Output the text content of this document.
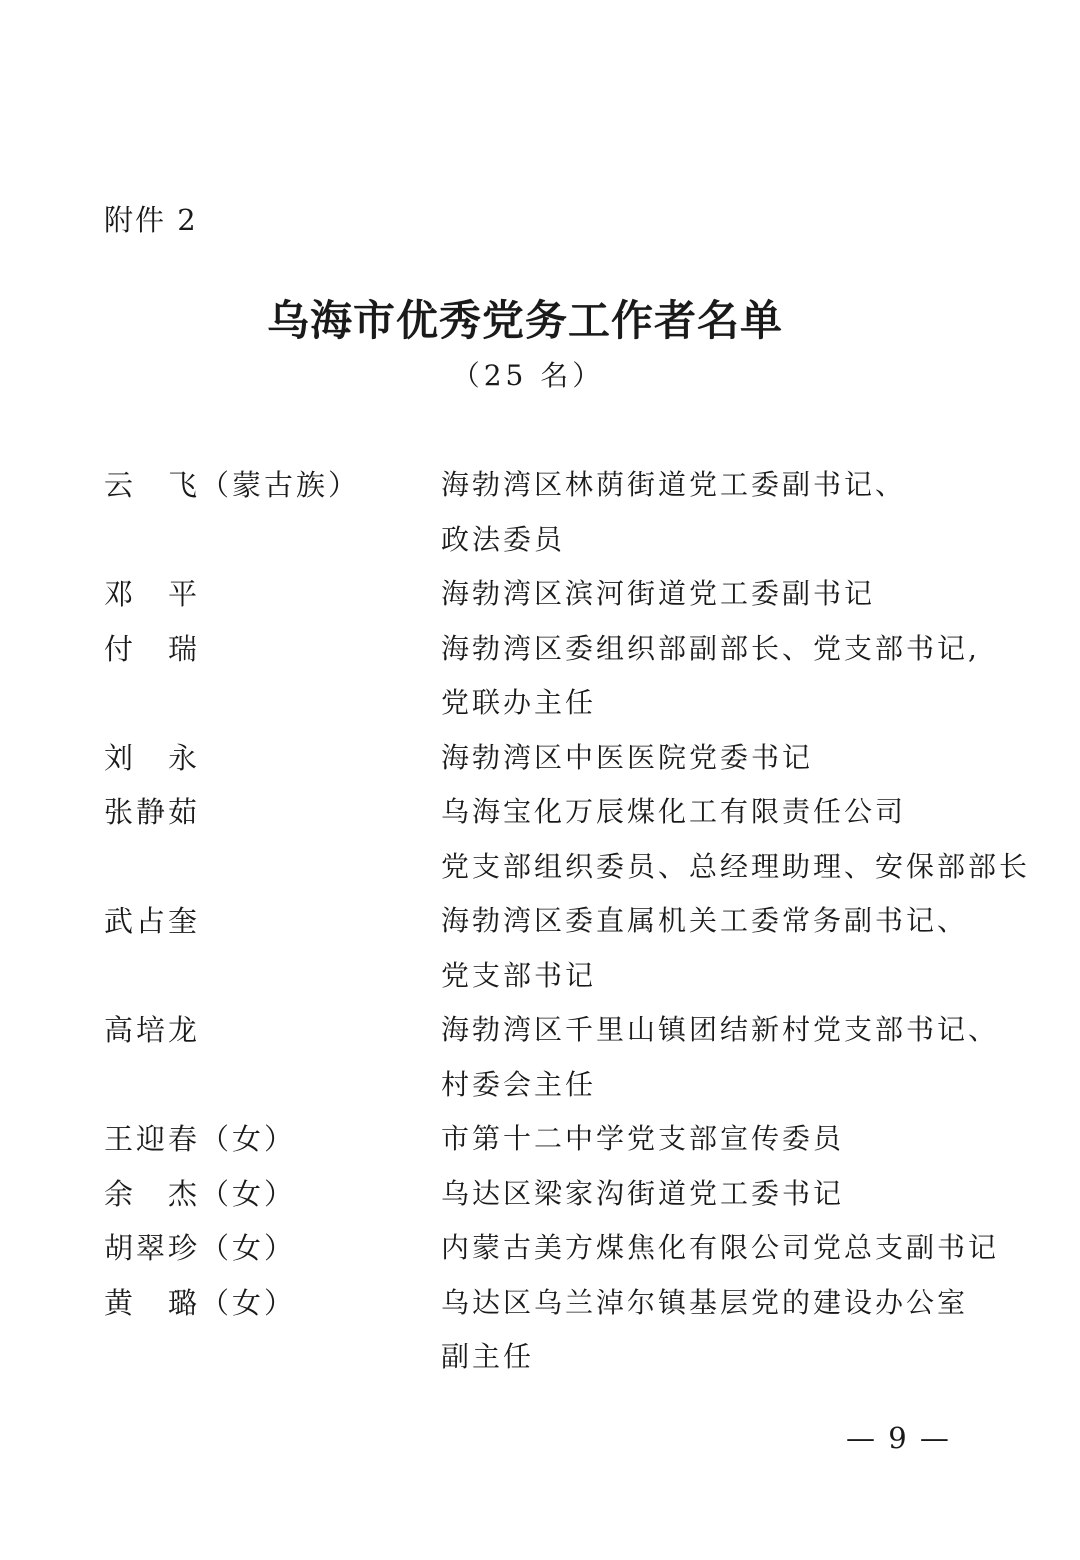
附件 2
乌海市优秀党务工作者名单
（25 名）
云　飞（蒙古族）	海勃湾区林荫街道党工委副书记、
政法委员
邓　平	海勃湾区滨河街道党工委副书记
付　瑞	海勃湾区委组织部副部长、党支部书记,
党联办主任
刘　永	海勃湾区中医医院党委书记
张静茹	乌海宝化万辰煤化工有限责任公司
党支部组织委员、总经理助理、安保部部长
武占奎	海勃湾区委直属机关工委常务副书记、
党支部书记
高培龙	海勃湾区千里山镇团结新村党支部书记、
村委会主任
王迎春（女）	市第十二中学党支部宣传委员
余　杰（女）	乌达区梁家沟街道党工委书记
胡翠珍（女）	内蒙古美方煤焦化有限公司党总支副书记
黄　璐（女）	乌达区乌兰淖尔镇基层党的建设办公室
副主任
— 9 —
